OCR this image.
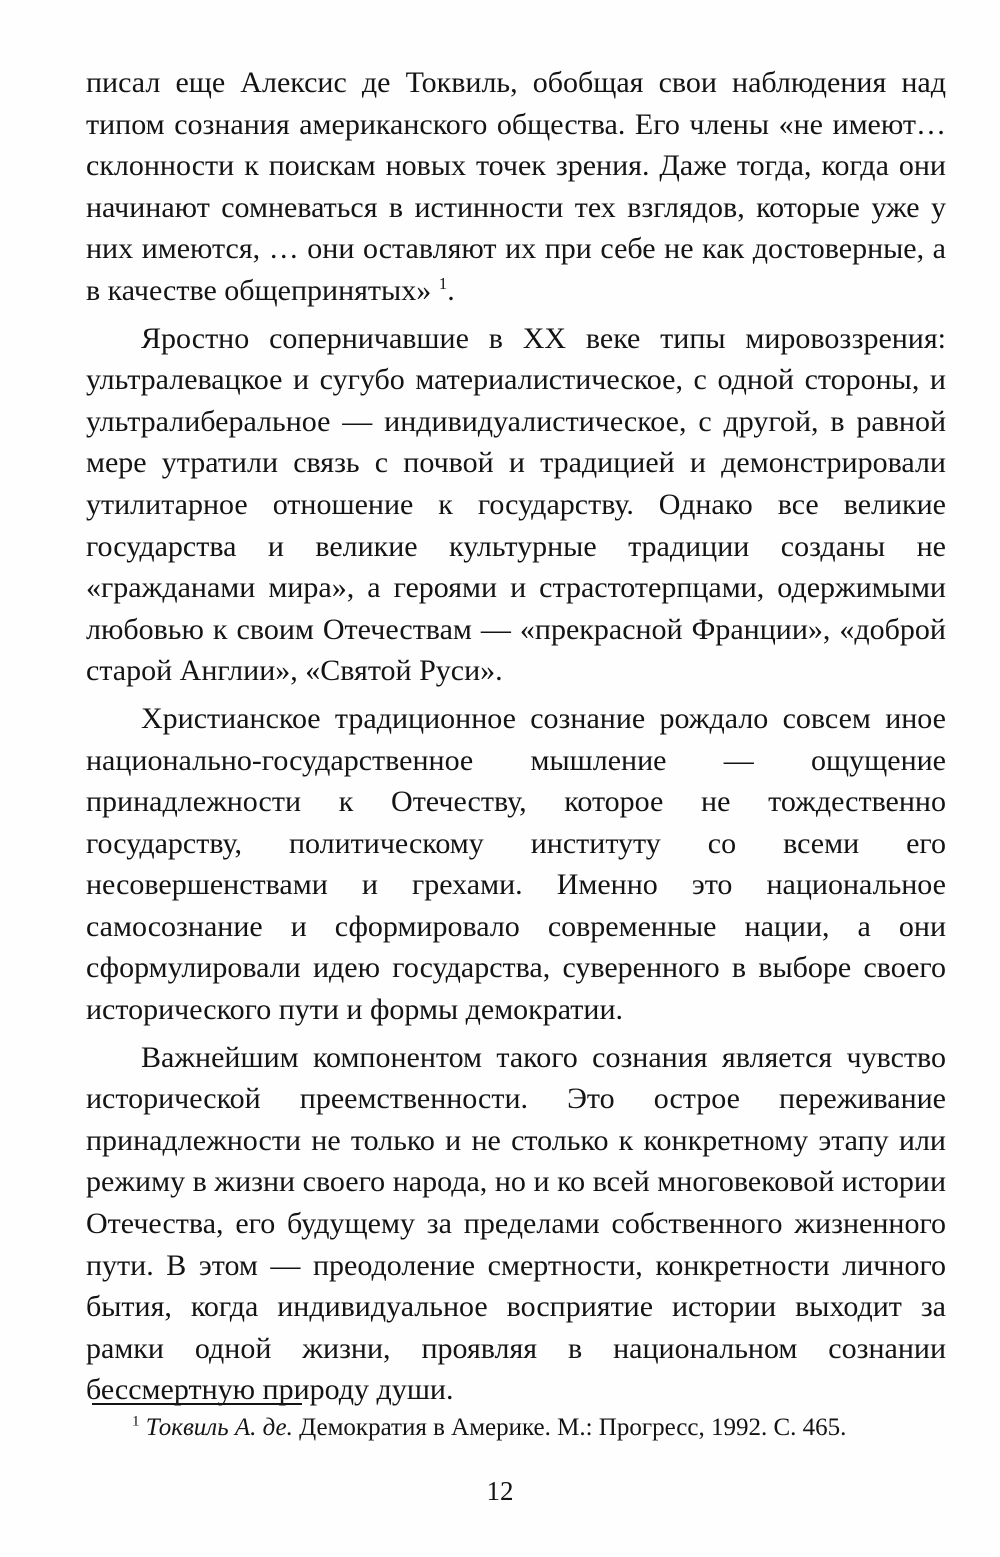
писал еще Алексис де Токвиль, обобщая свои наблюдения над типом сознания американского общества. Его члены «не имеют… склонности к поискам новых точек зрения. Даже тогда, когда они начинают сомневаться в истинности тех взглядов, которые уже у них имеются, … они оставляют их при себе не как достоверные, а в качестве общепринятых» $^1$.

Яростно соперничавшие в XX веке типы мировоззрения: ультралевацкое и сугубо материалистическое, с одной стороны, и ультралиберальное — индивидуалистическое, с другой, в равной мере утратили связь с почвой и традицией и демонстрировали утилитарное отношение к государству. Однако все великие государства и великие культурные традиции созданы не «гражданами мира», а героями и страстотерпцами, одержимыми любовью к своим Отечествам — «прекрасной Франции», «доброй старой Англии», «Святой Руси».

Христианское традиционное сознание рождало совсем иное национально-государственное мышление — ощущение принадлежности к Отечеству, которое не тождественно государству, политическому институту со всеми его несовершенствами и грехами. Именно это национальное самосознание и сформировало современные нации, а они сформулировали идею государства, суверенного в выборе своего исторического пути и формы демократии.

Важнейшим компонентом такого сознания является чувство исторической преемственности. Это острое переживание принадлежности не только и не столько к конкретному этапу или режиму в жизни своего народа, но и ко всей многовековой истории Отечества, его будущему за пределами собственного жизненного пути. В этом — преодоление смертности, конкретности личного бытия, когда индивидуальное восприятие истории выходит за рамки одной жизни, проявляя в национальном сознании бессмертную природу души.

$^1$ Токвиль А. де. Демократия в Америке. М.: Прогресс, 1992. С. 465.
12
